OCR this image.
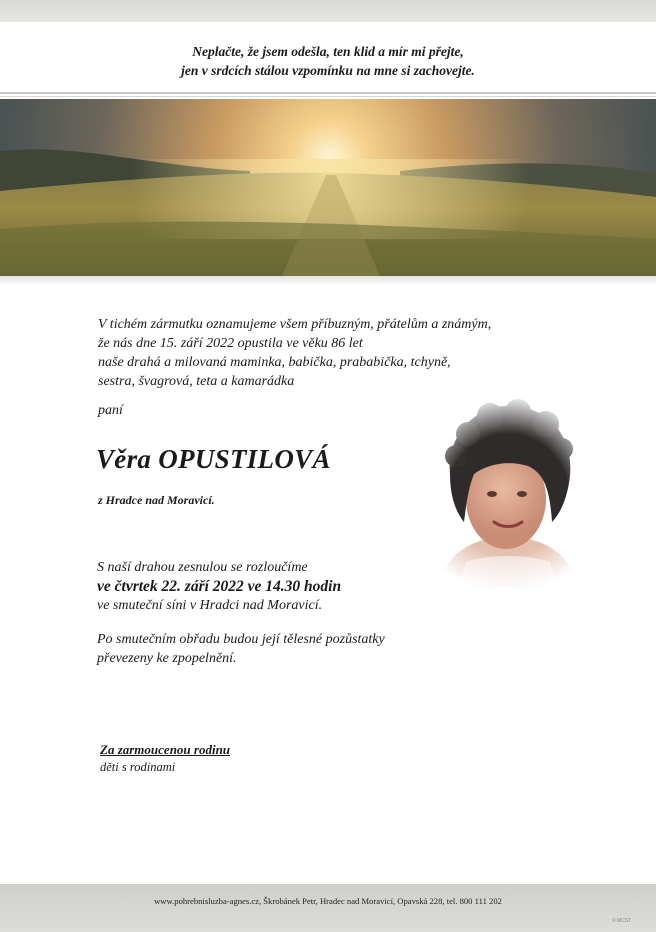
Neplačte, že jsem odešla, ten klid a mír mi přejte,
jen v srdcích stálou vzpomínku na mne si zachovejte.
V tichém zármutku oznamujeme všem příbuzným, přátelům a známým,
že nás dne 15. září 2022 opustila ve věku 86 let
naše drahá a milovaná maminka, babička, prababička, tchyně,
sestra, švagrová, teta a kamarádka
paní
Věra OPUSTILOVÁ
z Hradce nad Moravicí.
S naší drahou zesnulou se rozloučíme
ve čtvrtek 22. září 2022 ve 14.30 hodin
ve smuteční síni v Hradci nad Moravicí.
Po smutečním obřadu budou její tělesné pozůstatky
převezeny ke zpopelnění.
Za zarmoucenou rodinu
děti s rodinami
www.pohrebnisluzba-agnes.cz, Škrobánek Petr, Hradec nad Moravicí, Opavská 228, tel. 800 111 202
© MCST
